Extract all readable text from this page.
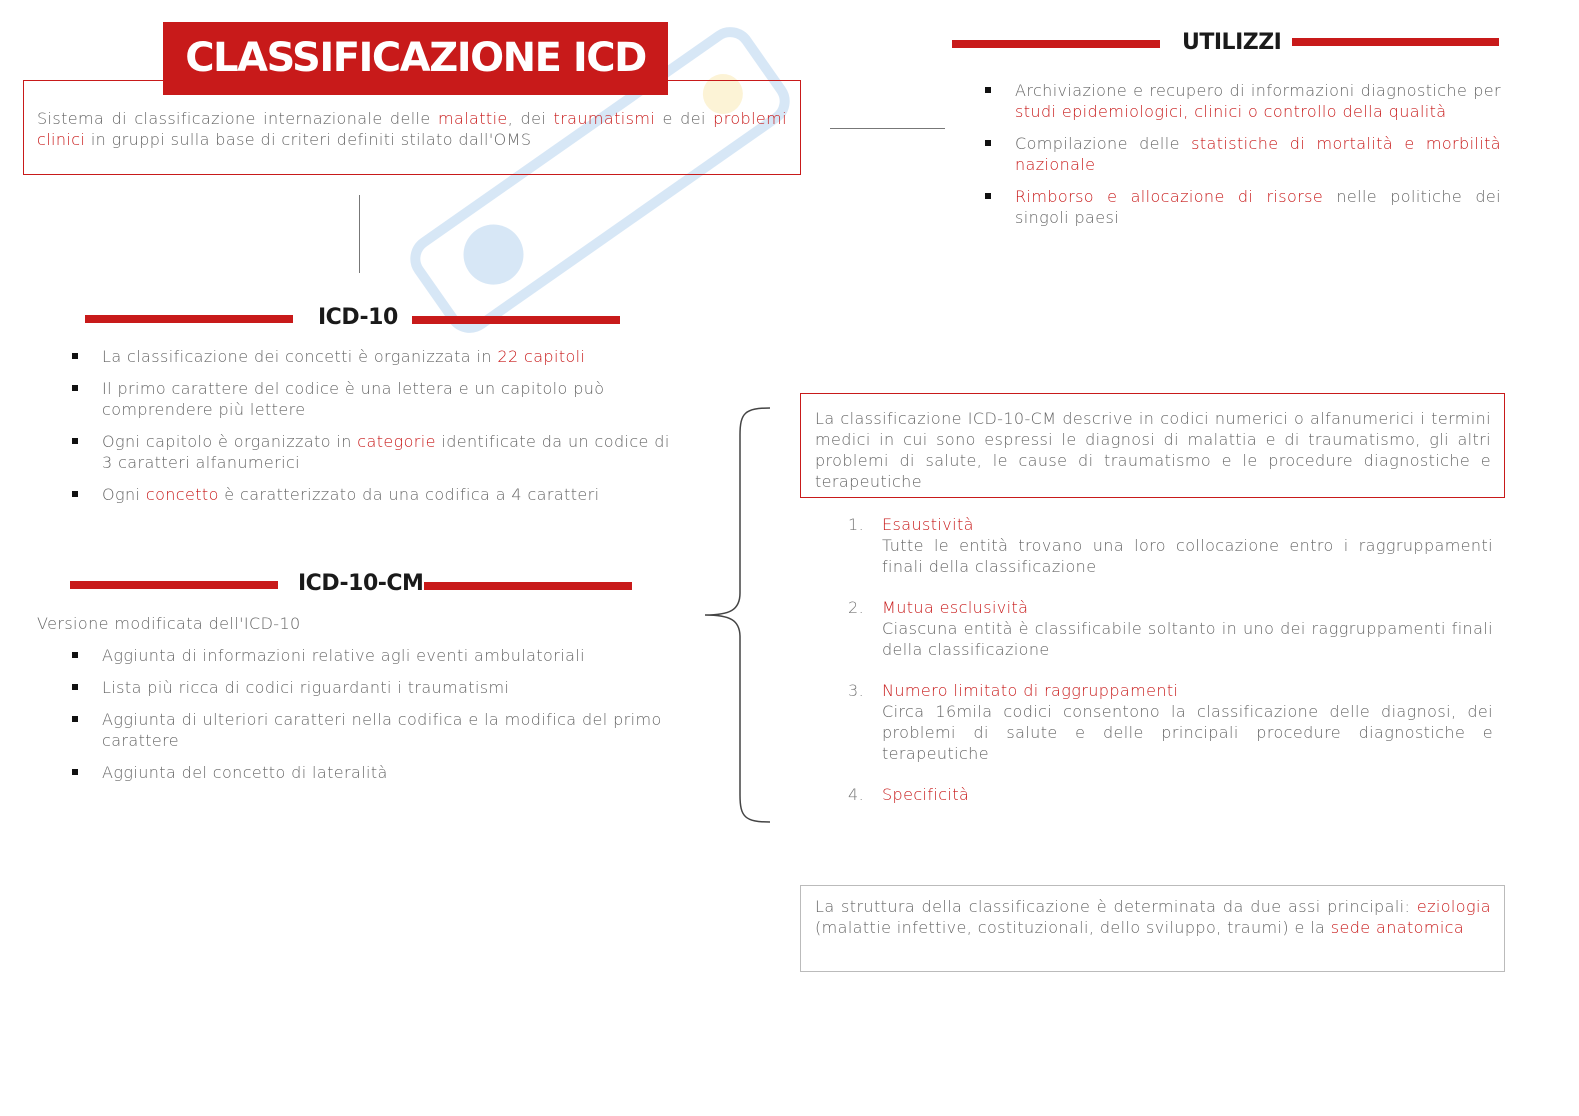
CLASSIFICAZIONE ICD
Sistema di classificazione internazionale delle malattie, dei traumatismi e dei problemi clinici in gruppi sulla base di criteri definiti stilato dall'OMS
UTILIZZI
Archiviazione e recupero di informazioni diagnostiche per studi epidemiologici, clinici o controllo della qualità
Compilazione delle statistiche di mortalità e morbilità nazionale
Rimborso e allocazione di risorse nelle politiche dei singoli paesi
ICD-10
La classificazione dei concetti è organizzata in 22 capitoli
Il primo carattere del codice è una lettera e un capitolo può comprendere più lettere
Ogni capitolo è organizzato in categorie identificate da un codice di 3 caratteri alfanumerici
Ogni concetto è caratterizzato da una codifica a 4 caratteri
ICD-10-CM
Versione modificata dell'ICD-10
Aggiunta di informazioni relative agli eventi ambulatoriali
Lista più ricca di codici riguardanti i traumatismi
Aggiunta di ulteriori caratteri nella codifica e la modifica del primo carattere
Aggiunta del concetto di lateralità
La classificazione ICD-10-CM descrive in codici numerici o alfanumerici i termini medici in cui sono espressi le diagnosi di malattia e di traumatismo, gli altri problemi di salute, le cause di traumatismo e le procedure diagnostiche e terapeutiche
1. Esaustività
Tutte le entità trovano una loro collocazione entro i raggruppamenti finali della classificazione
2. Mutua esclusività
Ciascuna entità è classificabile soltanto in uno dei raggruppamenti finali della classificazione
3. Numero limitato di raggruppamenti
Circa 16mila codici consentono la classificazione delle diagnosi, dei problemi di salute e delle principali procedure diagnostiche e terapeutiche
4. Specificità
La struttura della classificazione è determinata da due assi principali: eziologia (malattie infettive, costituzionali, dello sviluppo, traumi) e la sede anatomica
